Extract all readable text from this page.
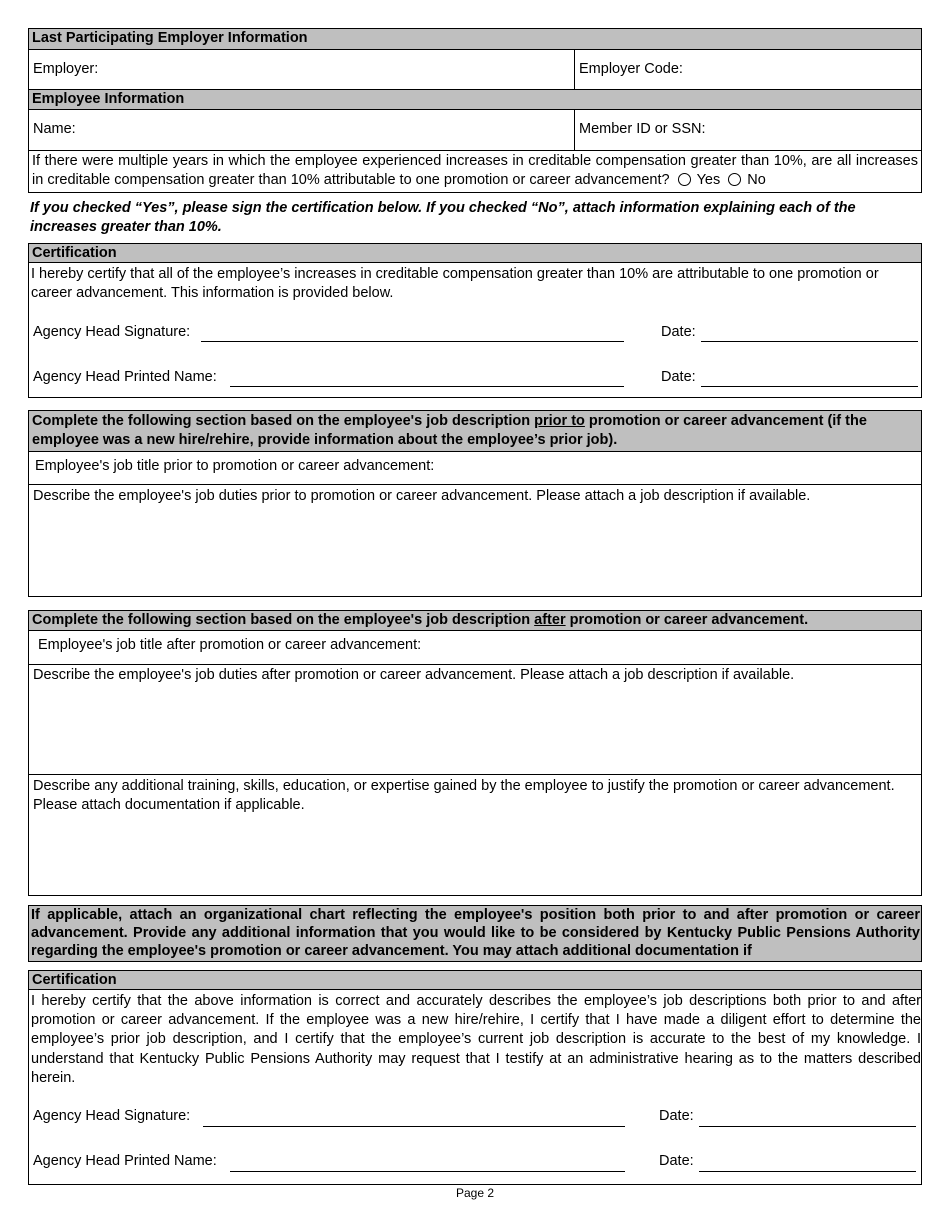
Last Participating Employer Information
Employer:	Employer Code:
Employee Information
Name:	Member ID or SSN:
If there were multiple years in which the employee experienced increases in creditable compensation greater than 10%, are all increases in creditable compensation greater than 10% attributable to one promotion or career advancement? Yes No
If you checked “Yes”, please sign the certification below. If you checked “No”, attach information explaining each of the increases greater than 10%.
Certification
I hereby certify that all of the employee’s increases in creditable compensation greater than 10% are attributable to one promotion or career advancement. This information is provided below.
Agency Head Signature:	Date:
Agency Head Printed Name:	Date:
Complete the following section based on the employee's job description prior to promotion or career advancement (if the employee was a new hire/rehire, provide information about the employee’s prior job).
Employee's job title prior to promotion or career advancement:
Describe the employee's job duties prior to promotion or career advancement. Please attach a job description if available.
Complete the following section based on the employee's job description after promotion or career advancement.
Employee's job title after promotion or career advancement:
Describe the employee's job duties after promotion or career advancement. Please attach a job description if available.
Describe any additional training, skills, education, or expertise gained by the employee to justify the promotion or career advancement. Please attach documentation if applicable.
If applicable, attach an organizational chart reflecting the employee's position both prior to and after promotion or career advancement. Provide any additional information that you would like to be considered by Kentucky Public Pensions Authority regarding the employee's promotion or career advancement. You may attach additional documentation if
Certification
I hereby certify that the above information is correct and accurately describes the employee’s job descriptions both prior to and after promotion or career advancement. If the employee was a new hire/rehire, I certify that I have made a diligent effort to determine the employee’s prior job description, and I certify that the employee’s current job description is accurate to the best of my knowledge. I understand that Kentucky Public Pensions Authority may request that I testify at an administrative hearing as to the matters described herein.
Agency Head Signature:	Date:
Agency Head Printed Name:	Date:
Page 2
